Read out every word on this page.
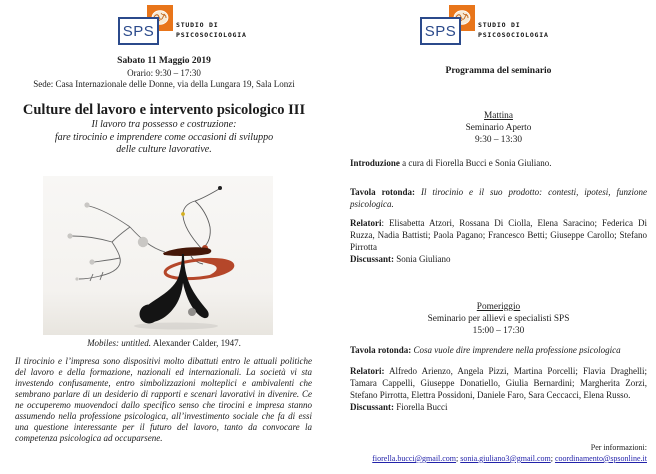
SPS	STUDIO DI
PSICOSOCIOLOGIA
Sabato 11 Maggio 2019
Orario: 9:30 – 17:30
Sede: Casa Internazionale delle Donne, via della Lungara 19, Sala Lonzi
Culture del lavoro e intervento psicologico III
Il lavoro tra possesso e costruzione:
fare tirocinio e imprendere come occasioni di sviluppo
delle culture lavorative.
Mobiles: untitled. Alexander Calder, 1947.
Il tirocinio e l’impresa sono dispositivi molto dibattuti entro le attuali politiche del lavoro e della formazione, nazionali ed internazionali. La società vi sta investendo confusamente, entro simbolizzazioni molteplici e ambivalenti che sembrano parlare di un desiderio di rapporti e scenari lavorativi in divenire. Ce ne occuperemo muovendoci dallo specifico senso che tirocini e impresa stanno assumendo nella professione psicologica, all’investimento sociale che fa di essi una questione interessante per il futuro del lavoro, tanto da convocare la competenza psicologica ad occuparsene.
SPS	STUDIO DI
PSICOSOCIOLOGIA
Programma del seminario
Mattina
Seminario Aperto
9:30 – 13:30

Introduzione a cura di Fiorella Bucci e Sonia Giuliano.

Tavola rotonda: Il tirocinio e il suo prodotto: contesti, ipotesi, funzione psicologica.

Relatori: Elisabetta Atzori, Rossana Di Ciolla, Elena Saracino; Federica Di Ruzza, Nadia Battisti; Paola Pagano; Francesco Betti; Giuseppe Carollo; Stefano Pirrotta

Discussant: Sonia Giuliano

Pomeriggio
Seminario per allievi e specialisti SPS
15:00 – 17:30

Tavola rotonda: Cosa vuole dire imprendere nella professione psicologica

Relatori: Alfredo Arienzo, Angela Pizzi, Martina Porcelli; Flavia Draghelli; Tamara Cappelli, Giuseppe Donatiello, Giulia Bernardini; Margherita Zorzi, Stefano Pirrotta, Elettra Possidoni, Daniele Faro, Sara Ceccacci, Elena Russo.

Discussant: Fiorella Bucci

Per informazioni:
fiorella.bucci@gmail.com; sonia.giuliano3@gmail.com; coordinamento@spsonline.it
